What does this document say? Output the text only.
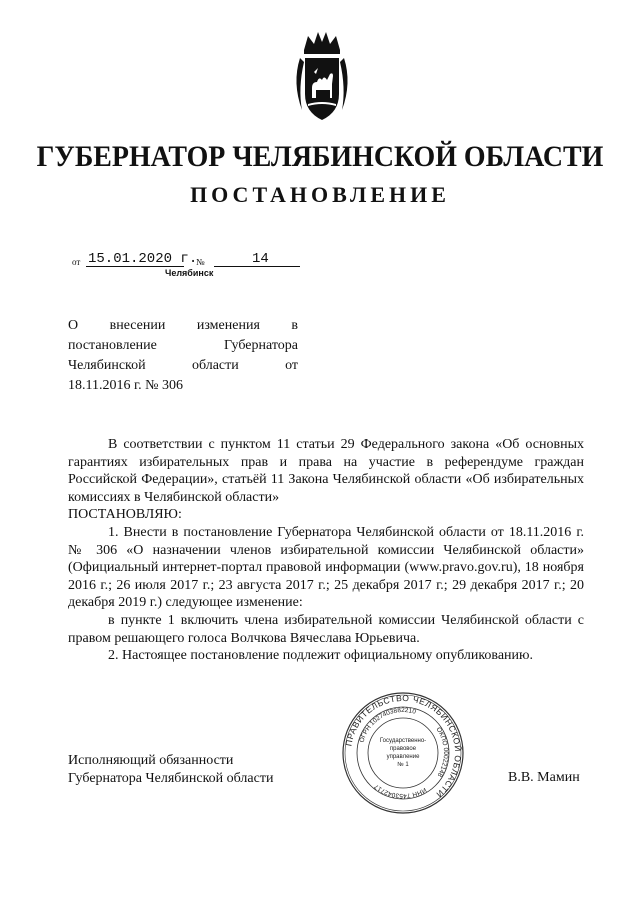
ГУБЕРНАТОР ЧЕЛЯБИНСКОЙ ОБЛАСТИ
ПОСТАНОВЛЕНИЕ
от 15.01.2020 г.
№	14
Челябинск
О внесении изменения в
постановление Губернатора
Челябинской области от
18.11.2016 г. № 306

В соответствии с пунктом 11 статьи 29 Федерального закона «Об основных гарантиях избирательных прав и права на участие в референдуме граждан Российской Федерации», статьёй 11 Закона Челябинской области «Об избирательных комиссиях в Челябинской области»

ПОСТАНОВЛЯЮ:

1. Внести в постановление Губернатора Челябинской области от 18.11.2016 г. № 306 «О назначении членов избирательной комиссии Челябинской области» (Официальный интернет-портал правовой информации (www.pravo.gov.ru), 18 ноября 2016 г.; 26 июля 2017 г.; 23 августа 2017 г.; 25 декабря 2017 г.; 29 декабря 2017 г.; 20 декабря 2019 г.) следующее изменение:

в пункте 1 включить члена избирательной комиссии Челябинской области с правом решающего голоса Волчкова Вячеслава Юрьевича.

2. Настоящее постановление подлежит официальному опубликованию.

Исполняющий обязанности
Губернатора Челябинской области	В.В. Мамин
ПРАВИТЕЛЬСТВО ЧЕЛЯБИНСКОЙ ОБЛАСТИ
ОГРН 1027403882210
ОКПО 00022148
ИНН 7453042717
Государственно-
правовое
управление
№ 1
